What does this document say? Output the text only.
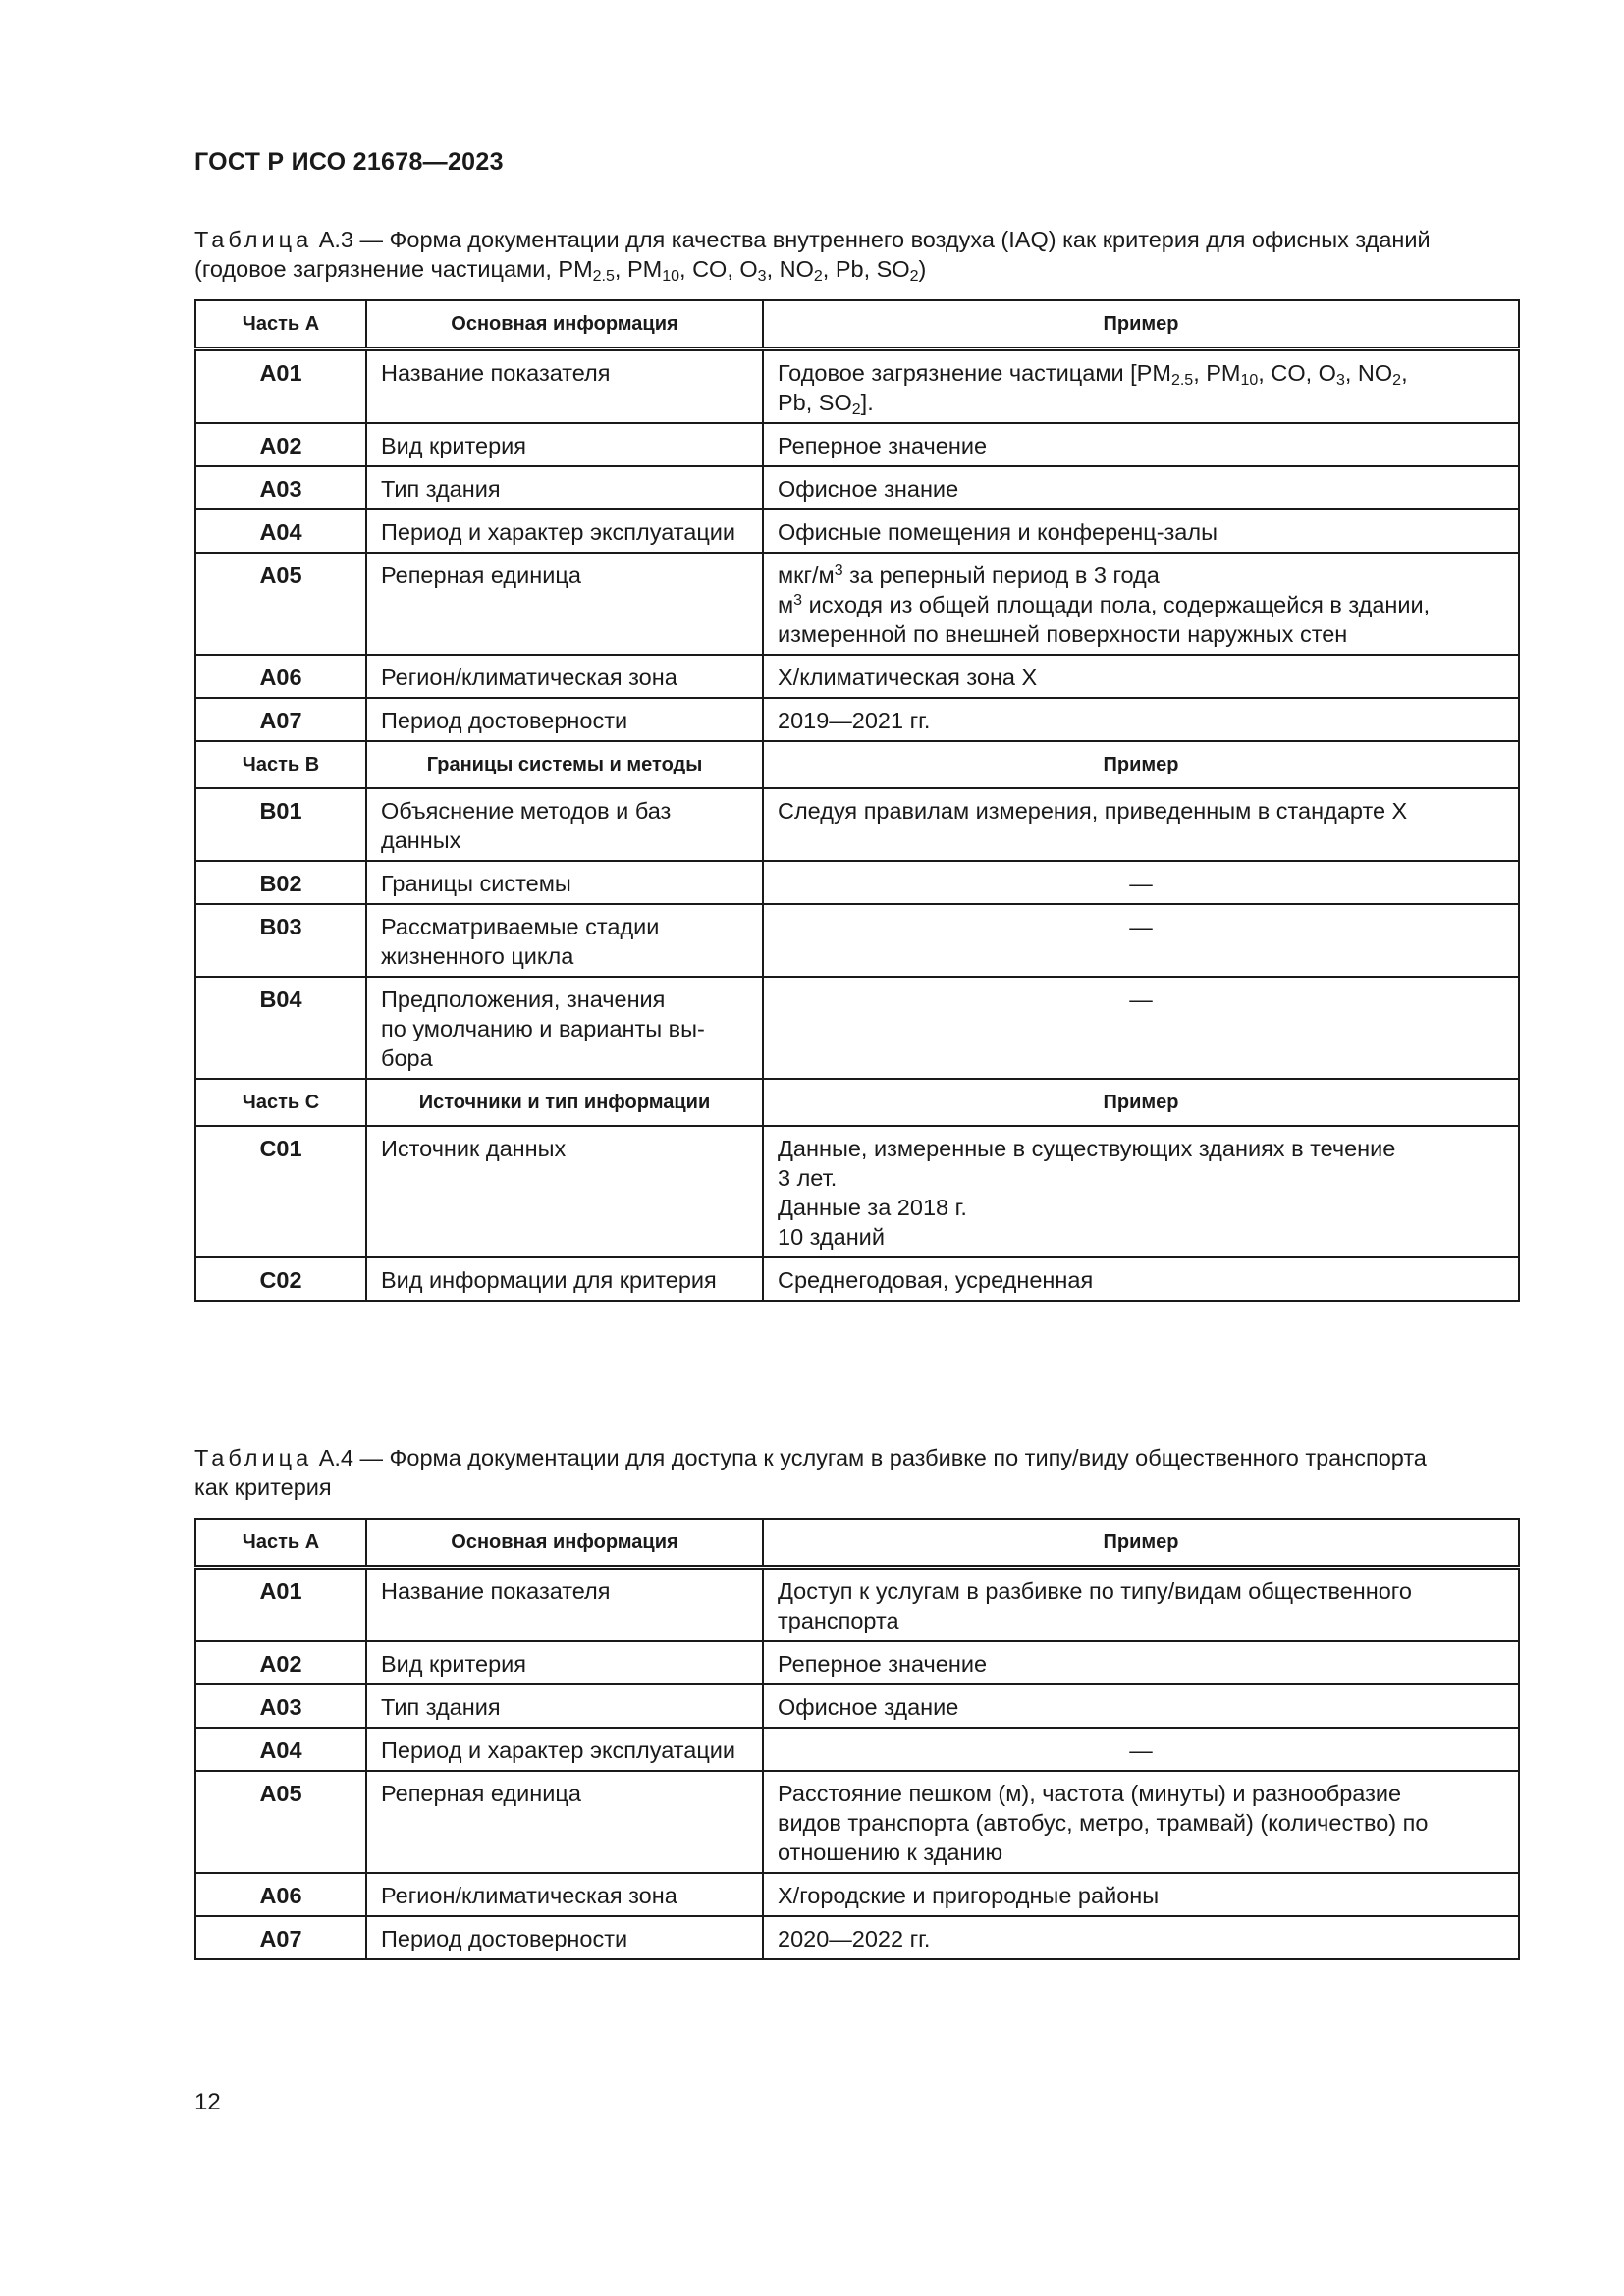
ГОСТ Р ИСО 21678—2023
Таблица А.3 — Форма документации для качества внутреннего воздуха (IAQ) как критерия для офисных зданий
(годовое загрязнение частицами, $PM_{2.5}$, $PM_{10}$, CO, $O_3$, $NO_2$, Pb, $SO_2$)
Часть А	Основная информация	Пример
А01	Название показателя	Годовое загрязнение частицами [$PM_{2.5}$, $PM_{10}$, CO, $O_3$, $NO_2$,
Pb, $SO_2$].

А02	Вид критерия	Реперное значение
А03	Тип здания	Офисное знание
А04	Период и характер эксплуатации	Офисные помещения и конференц-залы
А05	Реперная единица	мкг/$м^3$ за реперный период в 3 года
$м^3$ исходя из общей площади пола, содержащейся в здании,
измеренной по внешней поверхности наружных стен

А06	Регион/климатическая зона	Х/климатическая зона Х
А07	Период достоверности	2019—2021 гг.
Часть В	Границы системы и методы	Пример
В01	Объяснение методов и баз данных	Следуя правилам измерения, приведенным в стандарте Х
В02	Границы системы	—
В03	Рассматриваемые стадии жизненного цикла	—
В04	Предположения, значения
по умолчанию и варианты вы-
бора	—
Часть С	Источники и тип информации	Пример
С01	Источник данных	Данные, измеренные в существующих зданиях в течение
3 лет.
Данные за 2018 г.
10 зданий

С02	Вид информации для критерия	Среднегодовая, усредненная
Таблица А.4 — Форма документации для доступа к услугам в разбивке по типу/виду общественного транспорта
как критерия
Часть А	Основная информация	Пример
А01	Название показателя	Доступ к услугам в разбивке по типу/видам общественного
транспорта

А02	Вид критерия	Реперное значение
А03	Тип здания	Офисное здание
А04	Период и характер эксплуатации	—
А05	Реперная единица	Расстояние пешком (м), частота (минуты) и разнообразие
видов транспорта (автобус, метро, трамвай) (количество) по
отношению к зданию

А06	Регион/климатическая зона	Х/городские и пригородные районы
А07	Период достоверности	2020—2022 гг.
12
